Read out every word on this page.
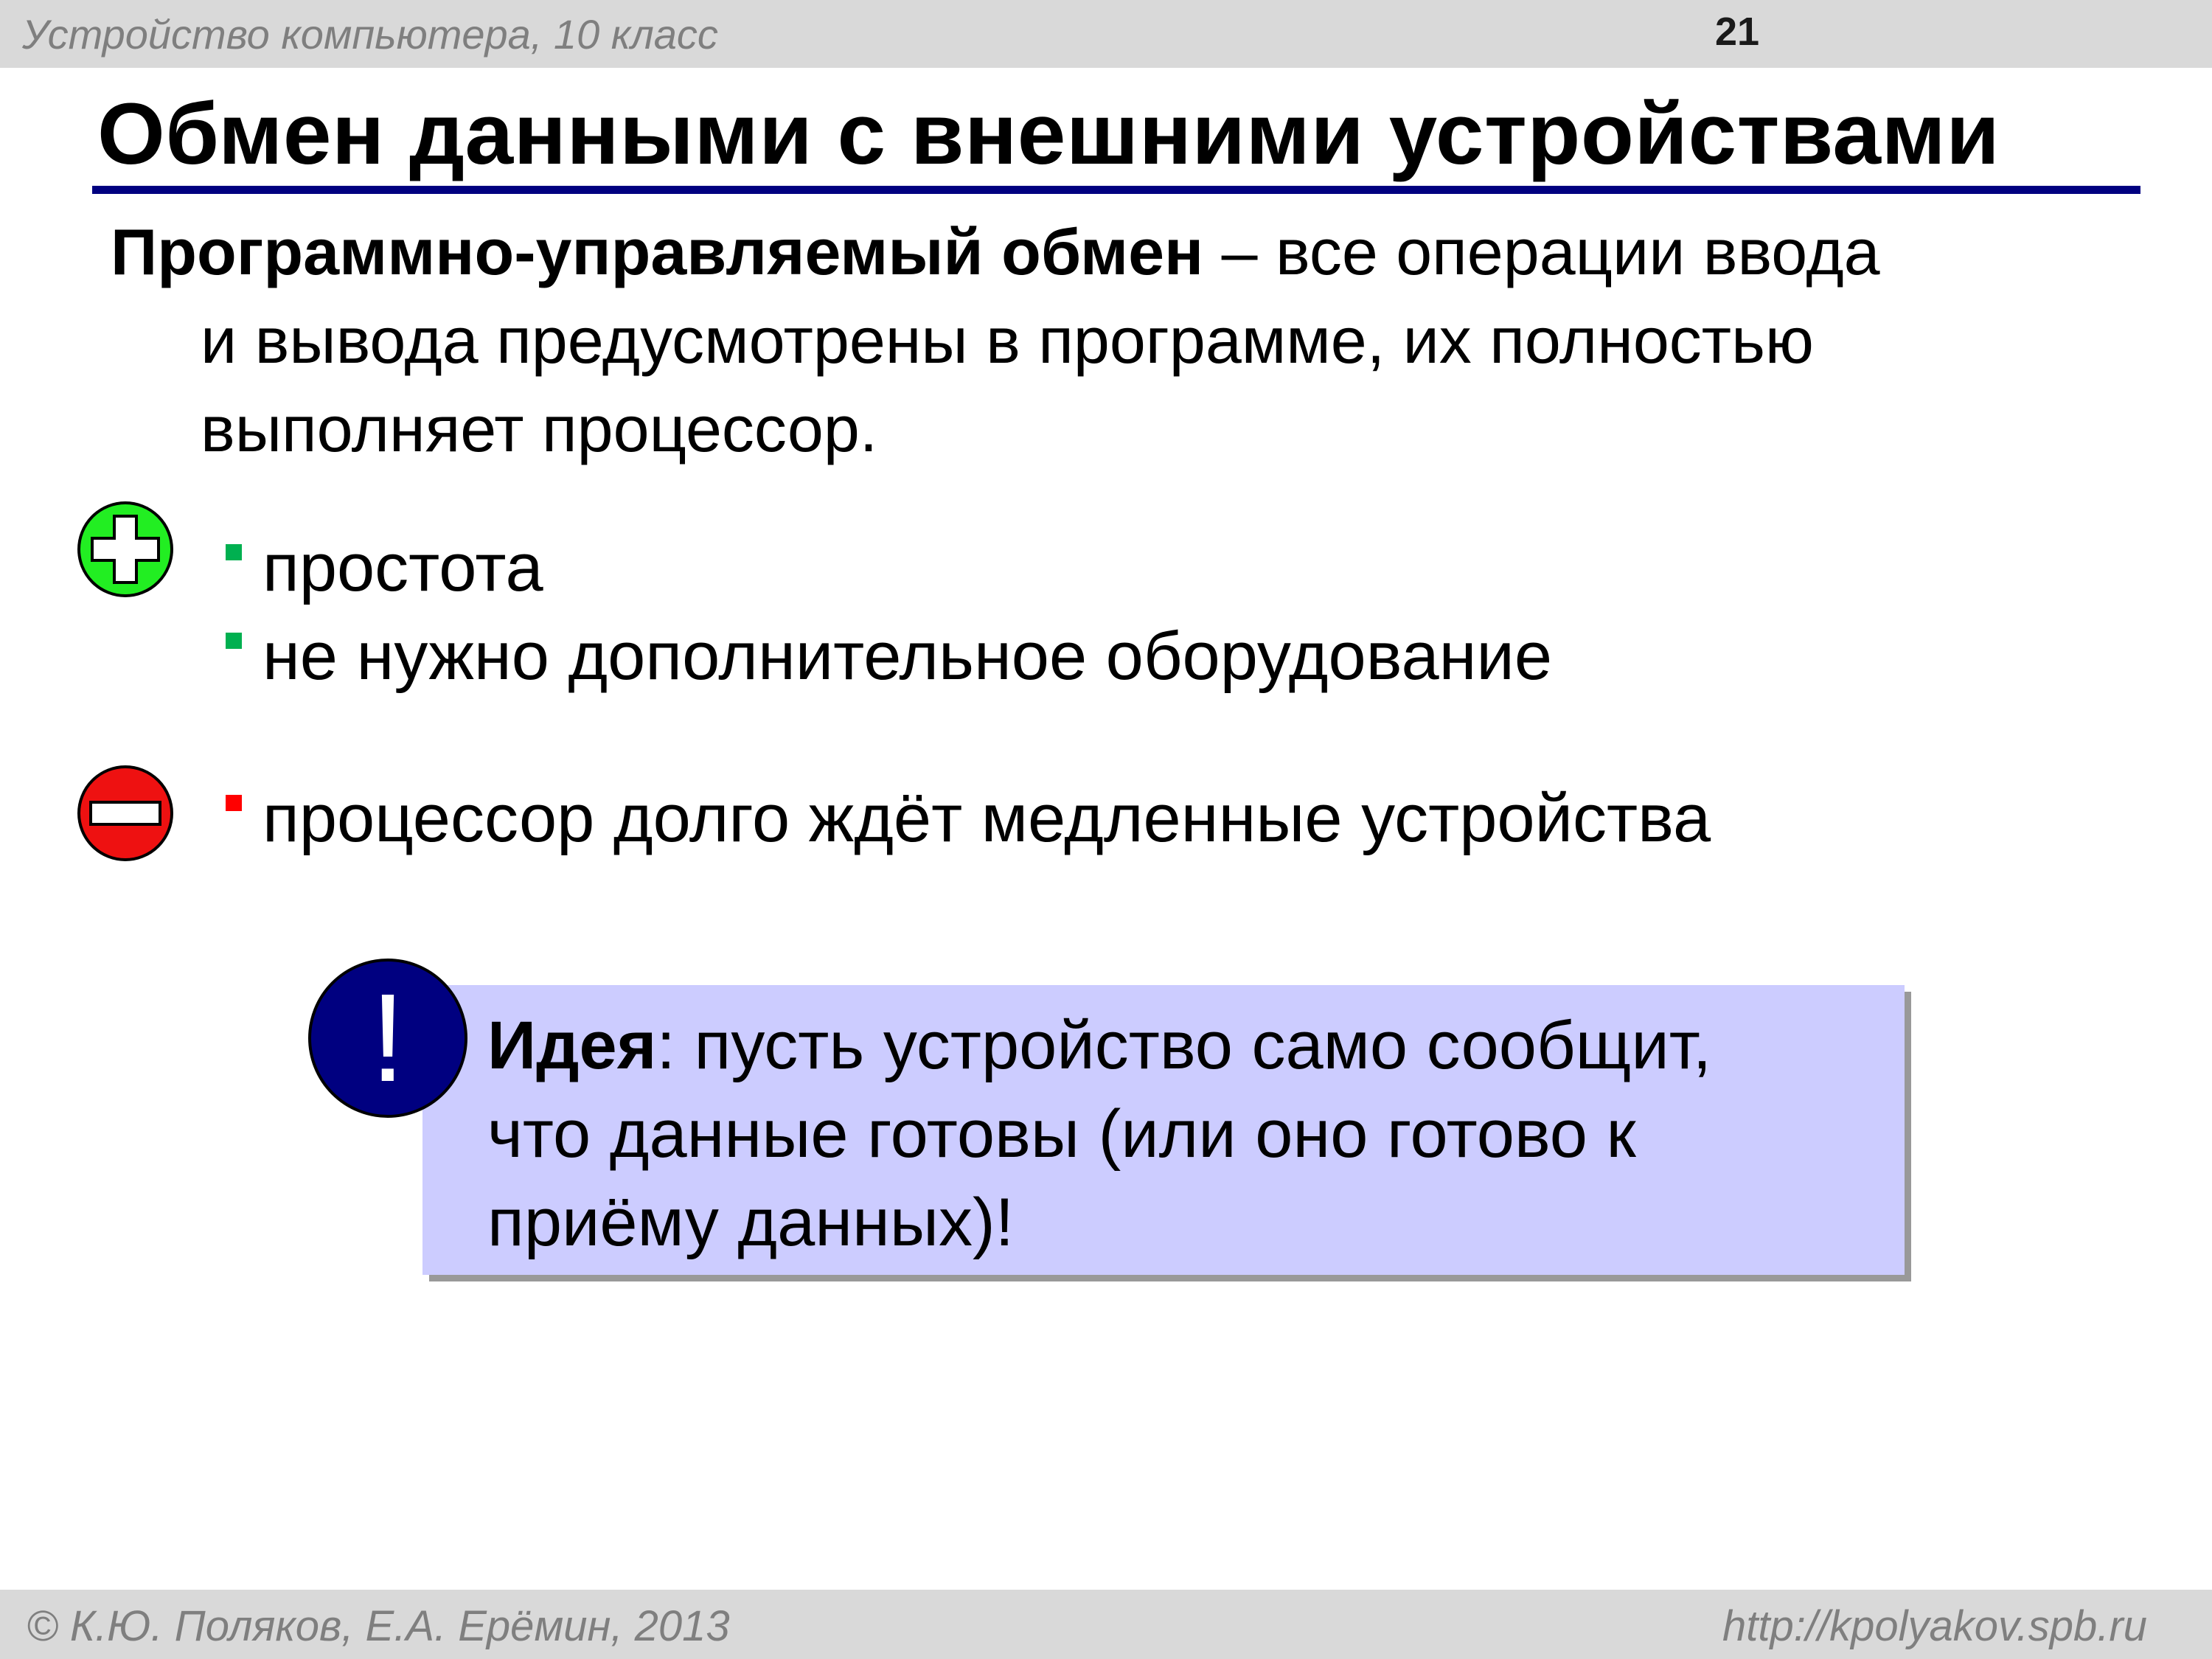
Устройство компьютера, 10 класс	21
Обмен данными с внешними устройствами
Программно-управляемый обмен – все операции ввода
и вывода предусмотрены в программе, их полностью
выполняет процессор.
простота
не нужно дополнительное оборудование
процессор долго ждёт медленные устройства
Идея: пусть устройство само сообщит,
что данные готовы (или оно готово к
приёму данных)!
!
© К.Ю. Поляков, Е.А. Ерёмин, 2013	http://kpolyakov.spb.ru
